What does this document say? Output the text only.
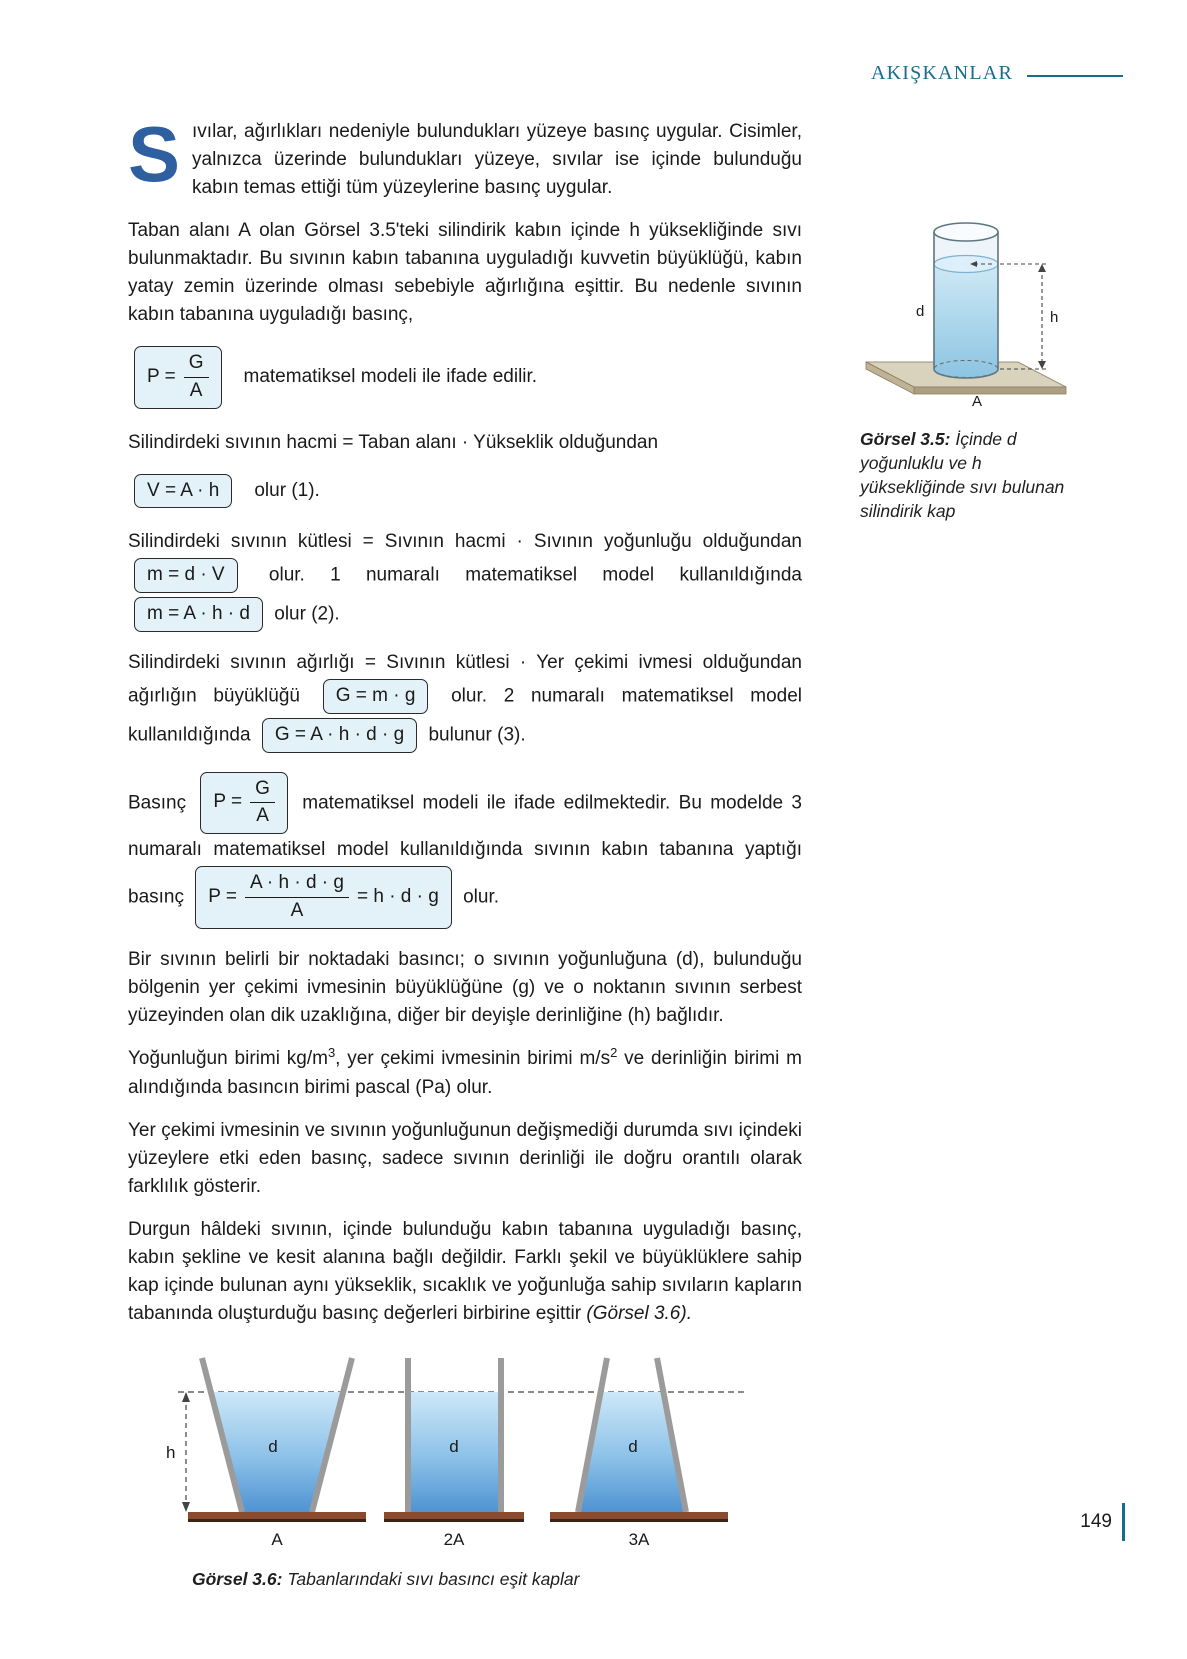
AKIŞKANLAR

S ıvılar, ağırlıkları nedeniyle bulundukları yüzeye basınç uygular. Cisimler, yalnızca üzerinde bulundukları yüzeye, sıvılar ise içinde bulunduğu kabın temas ettiği tüm yüzeylerine basınç uygular.

Taban alanı A olan Görsel 3.5'teki silindirik kabın içinde h yüksekliğinde sıvı bulunmaktadır. Bu sıvının kabın tabanına uyguladığı kuvvetin büyüklüğü, kabın yatay zemin üzerinde olması sebebiyle ağırlığına eşittir. Bu nedenle sıvının kabın tabanına uyguladığı basınç,

$P = \frac{G}{A}$ matematiksel modeli ile ifade edilir.

Silindirdeki sıvının hacmi = Taban alanı · Yükseklik olduğundan

V = A · h olur (1).

Silindirdeki sıvının kütlesi = Sıvının hacmi · Sıvının yoğunluğu olduğundan
m = d · V olur. 1 numaralı matematiksel model kullanıldığında
m = A · h · d olur (2).

Silindirdeki sıvının ağırlığı = Sıvının kütlesi · Yer çekimi ivmesi olduğundan ağırlığın büyüklüğü G = m · g olur. 2 numaralı matematiksel model kullanıldığında G = A · h · d · g bulunur (3).

Basınç $P = \frac{G}{A}$ matematiksel modeli ile ifade edilmektedir. Bu modelde 3 numaralı matematiksel model kullanıldığında sıvının kabın tabanına yaptığı basınç $P = \frac{A \cdot h \cdot d \cdot g}{A} = h \cdot d \cdot g$ olur.

Bir sıvının belirli bir noktadaki basıncı; o sıvının yoğunluğuna (d), bulunduğu bölgenin yer çekimi ivmesinin büyüklüğüne (g) ve o noktanın sıvının serbest yüzeyinden olan dik uzaklığına, diğer bir deyişle derinliğine (h) bağlıdır.

Yoğunluğun birimi $kg/m^3$, yer çekimi ivmesinin birimi $m/s^2$ ve derinliğin birimi m alındığında basıncın birimi pascal (Pa) olur.

Yer çekimi ivmesinin ve sıvının yoğunluğunun değişmediği durumda sıvı içindeki yüzeylere etki eden basınç, sadece sıvının derinliği ile doğru orantılı olarak farklılık gösterir.

Durgun hâldeki sıvının, içinde bulunduğu kabın tabanına uyguladığı basınç, kabın şekline ve kesit alanına bağlı değildir. Farklı şekil ve büyüklüklere sahip kap içinde bulunan aynı yükseklik, sıcaklık ve yoğunluğa sahip sıvıların kapların tabanında oluşturduğu basınç değerleri birbirine eşittir (Görsel 3.6).

h	d	d	d
A	2A	3A
Görsel 3.6: Tabanlarındaki sıvı basıncı eşit kaplar
h
d
A
Görsel 3.5: İçinde d yoğunluklu ve h yüksekliğinde sıvı bulunan silindirik kap
149
